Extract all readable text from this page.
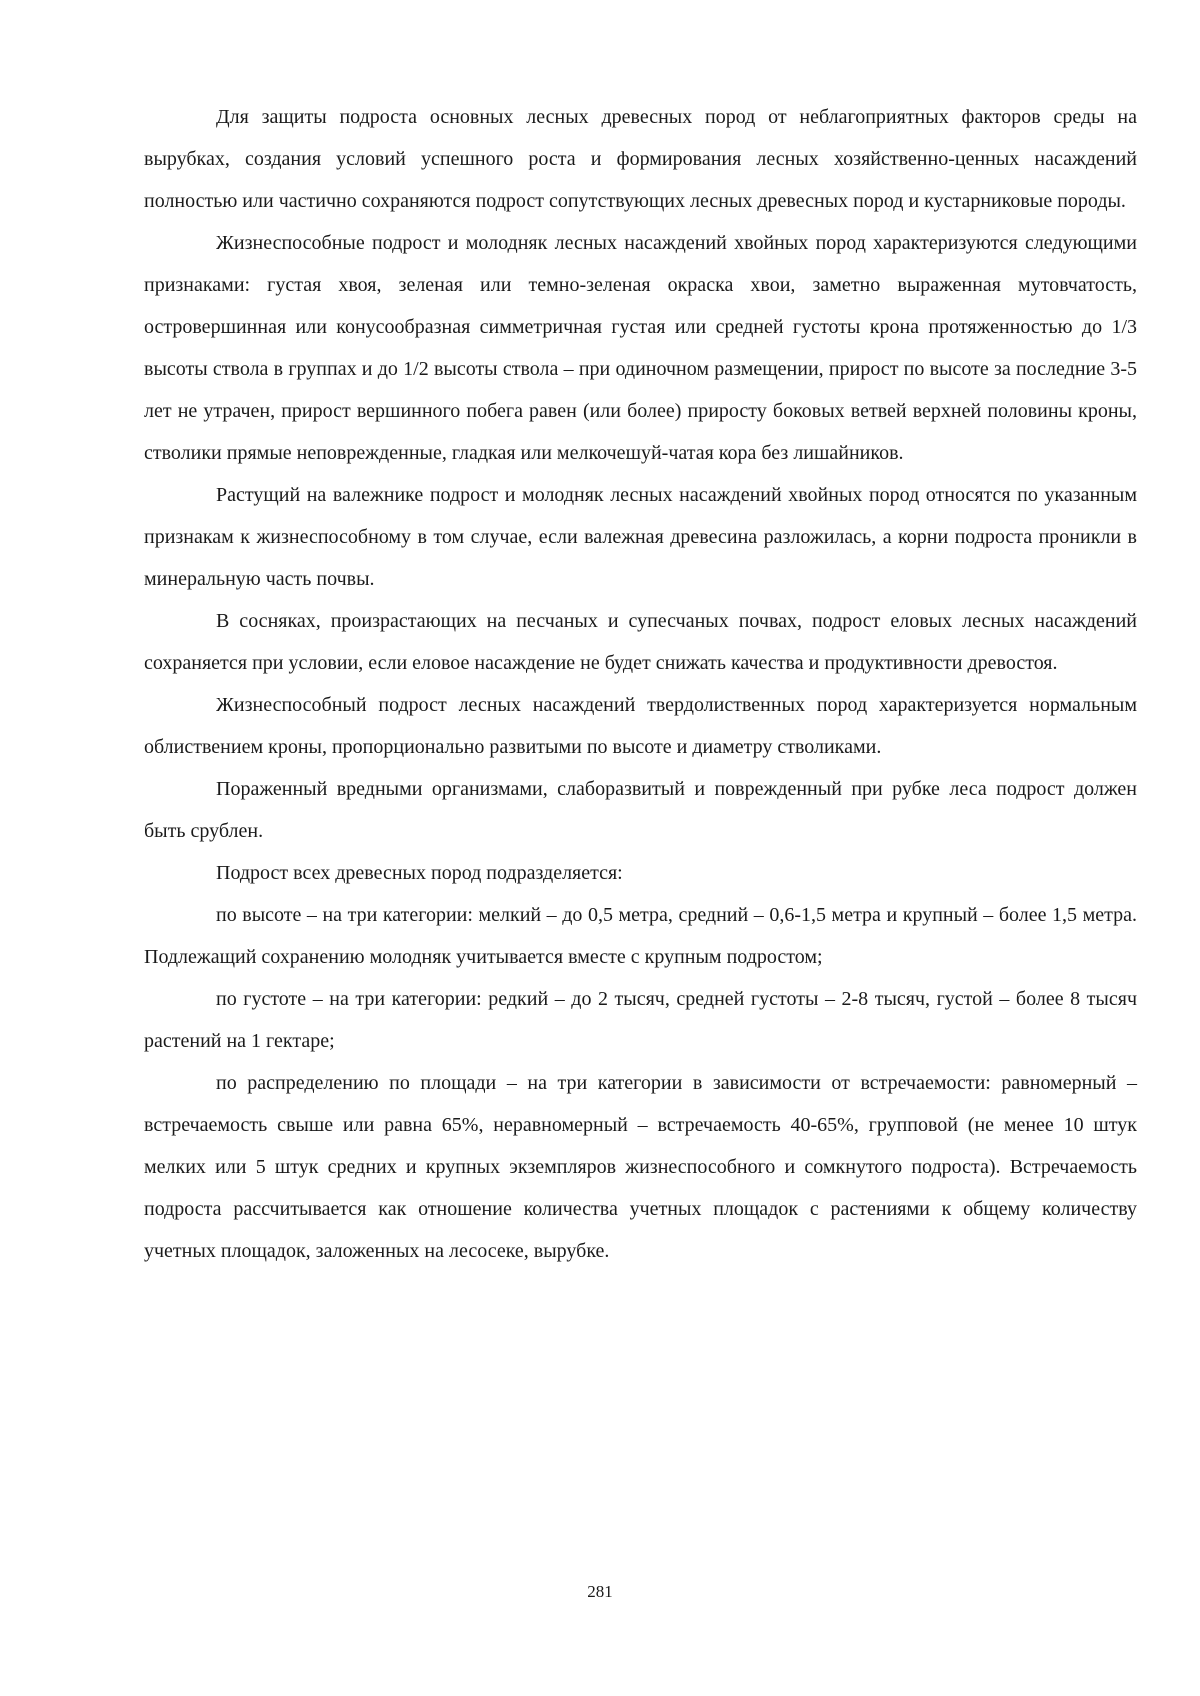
Для защиты подроста основных лесных древесных пород от неблагоприятных факторов среды на вырубках, создания условий успешного роста и формирования лесных хозяйственно-ценных насаждений полностью или частично сохраняются подрост сопутствующих лесных древесных пород и кустарниковые породы.

Жизнеспособные подрост и молодняк лесных насаждений хвойных пород характеризуются следующими признаками: густая хвоя, зеленая или темно-зеленая окраска хвои, заметно выраженная мутовчатость, островершинная или конусообразная симметричная густая или средней густоты крона протяженностью до 1/3 высоты ствола в группах и до 1/2 высоты ствола – при одиночном размещении, прирост по высоте за последние 3-5 лет не утрачен, прирост вершинного побега равен (или более) приросту боковых ветвей верхней половины кроны, стволики прямые неповрежденные, гладкая или мелкочешуй-чатая кора без лишайников.

Растущий на валежнике подрост и молодняк лесных насаждений хвойных пород относятся по указанным признакам к жизнеспособному в том случае, если валежная древесина разложилась, а корни подроста проникли в минеральную часть почвы.

В сосняках, произрастающих на песчаных и супесчаных почвах, подрост еловых лесных насаждений сохраняется при условии, если еловое насаждение не будет снижать качества и продуктивности древостоя.

Жизнеспособный подрост лесных насаждений твердолиственных пород характеризуется нормальным облиствением кроны, пропорционально развитыми по высоте и диаметру стволиками.

Пораженный вредными организмами, слаборазвитый и поврежденный при рубке леса подрост должен быть срублен.

Подрост всех древесных пород подразделяется:

по высоте – на три категории: мелкий – до 0,5 метра, средний – 0,6-1,5 метра и крупный – более 1,5 метра. Подлежащий сохранению молодняк учитывается вместе с крупным подростом;

по густоте – на три категории: редкий – до 2 тысяч, средней густоты – 2-8 тысяч, густой – более 8 тысяч растений на 1 гектаре;

по распределению по площади – на три категории в зависимости от встречаемости: равномерный – встречаемость свыше или равна 65%, неравномерный – встречаемость 40-65%, групповой (не менее 10 штук мелких или 5 штук средних и крупных экземпляров жизнеспособного и сомкнутого подроста). Встречаемость подроста рассчитывается как отношение количества учетных площадок с растениями к общему количеству учетных площадок, заложенных на лесосеке, вырубке.

281
